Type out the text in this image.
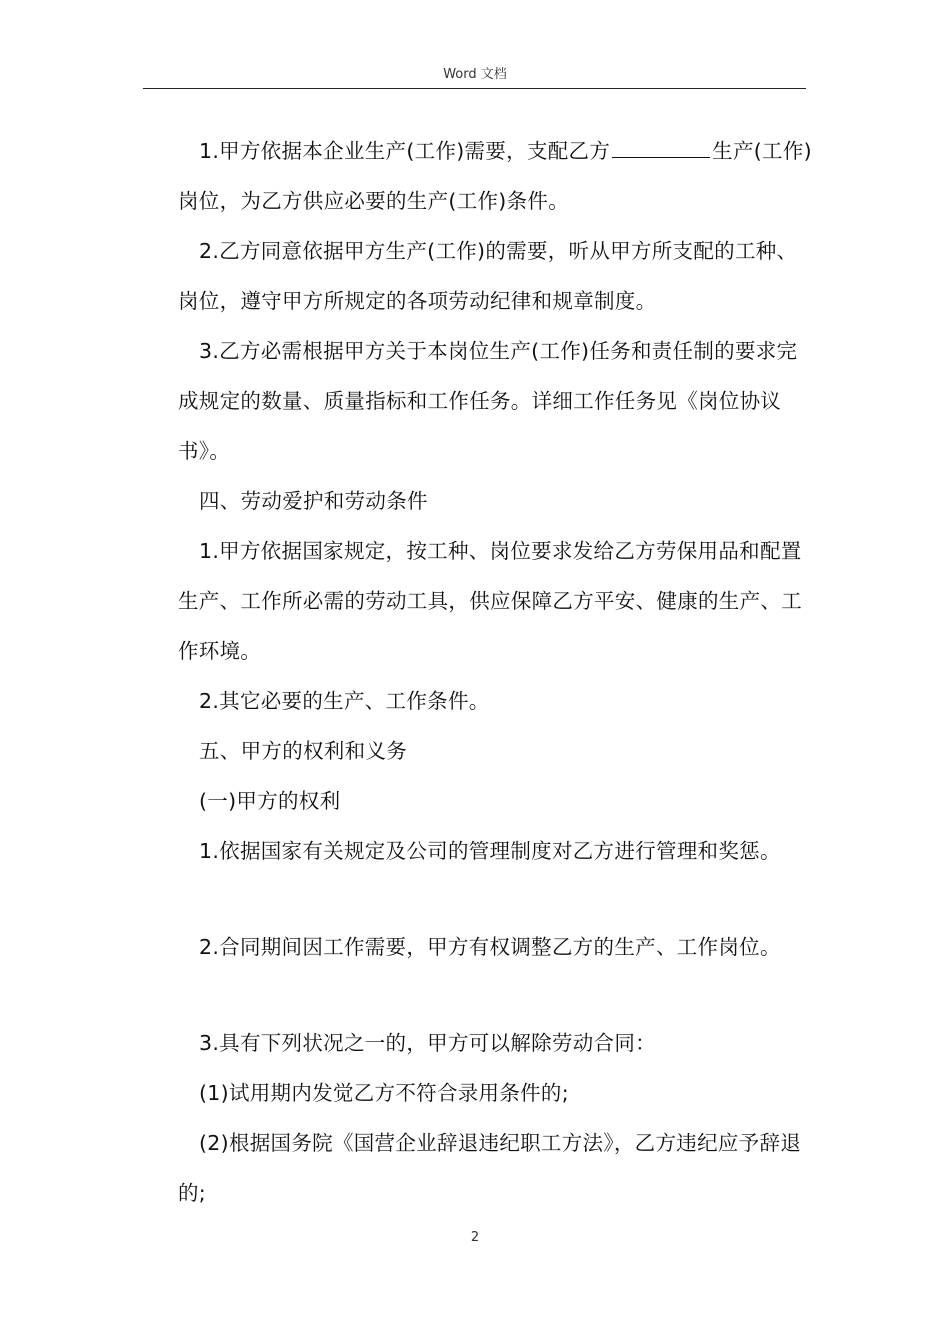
Word 文档

1.甲方依据本企业生产(工作)需要，支配乙方	生产(工作)岗位，为乙方供应必要的生产(工作)条件。

2.乙方同意依据甲方生产(工作)的需要，听从甲方所支配的工种、岗位，遵守甲方所规定的各项劳动纪律和规章制度。

3.乙方必需根据甲方关于本岗位生产(工作)任务和责任制的要求完成规定的数量、质量指标和工作任务。详细工作任务见《岗位协议书》。

四、劳动爱护和劳动条件

1.甲方依据国家规定，按工种、岗位要求发给乙方劳保用品和配置生产、工作所必需的劳动工具，供应保障乙方平安、健康的生产、工作环境。

2.其它必要的生产、工作条件。

五、甲方的权利和义务

(一)甲方的权利

1.依据国家有关规定及公司的管理制度对乙方进行管理和奖惩。

2.合同期间因工作需要，甲方有权调整乙方的生产、工作岗位。

3.具有下列状况之一的，甲方可以解除劳动合同：

(1)试用期内发觉乙方不符合录用条件的;

(2)根据国务院《国营企业辞退违纪职工方法》，乙方违纪应予辞退的;

2
